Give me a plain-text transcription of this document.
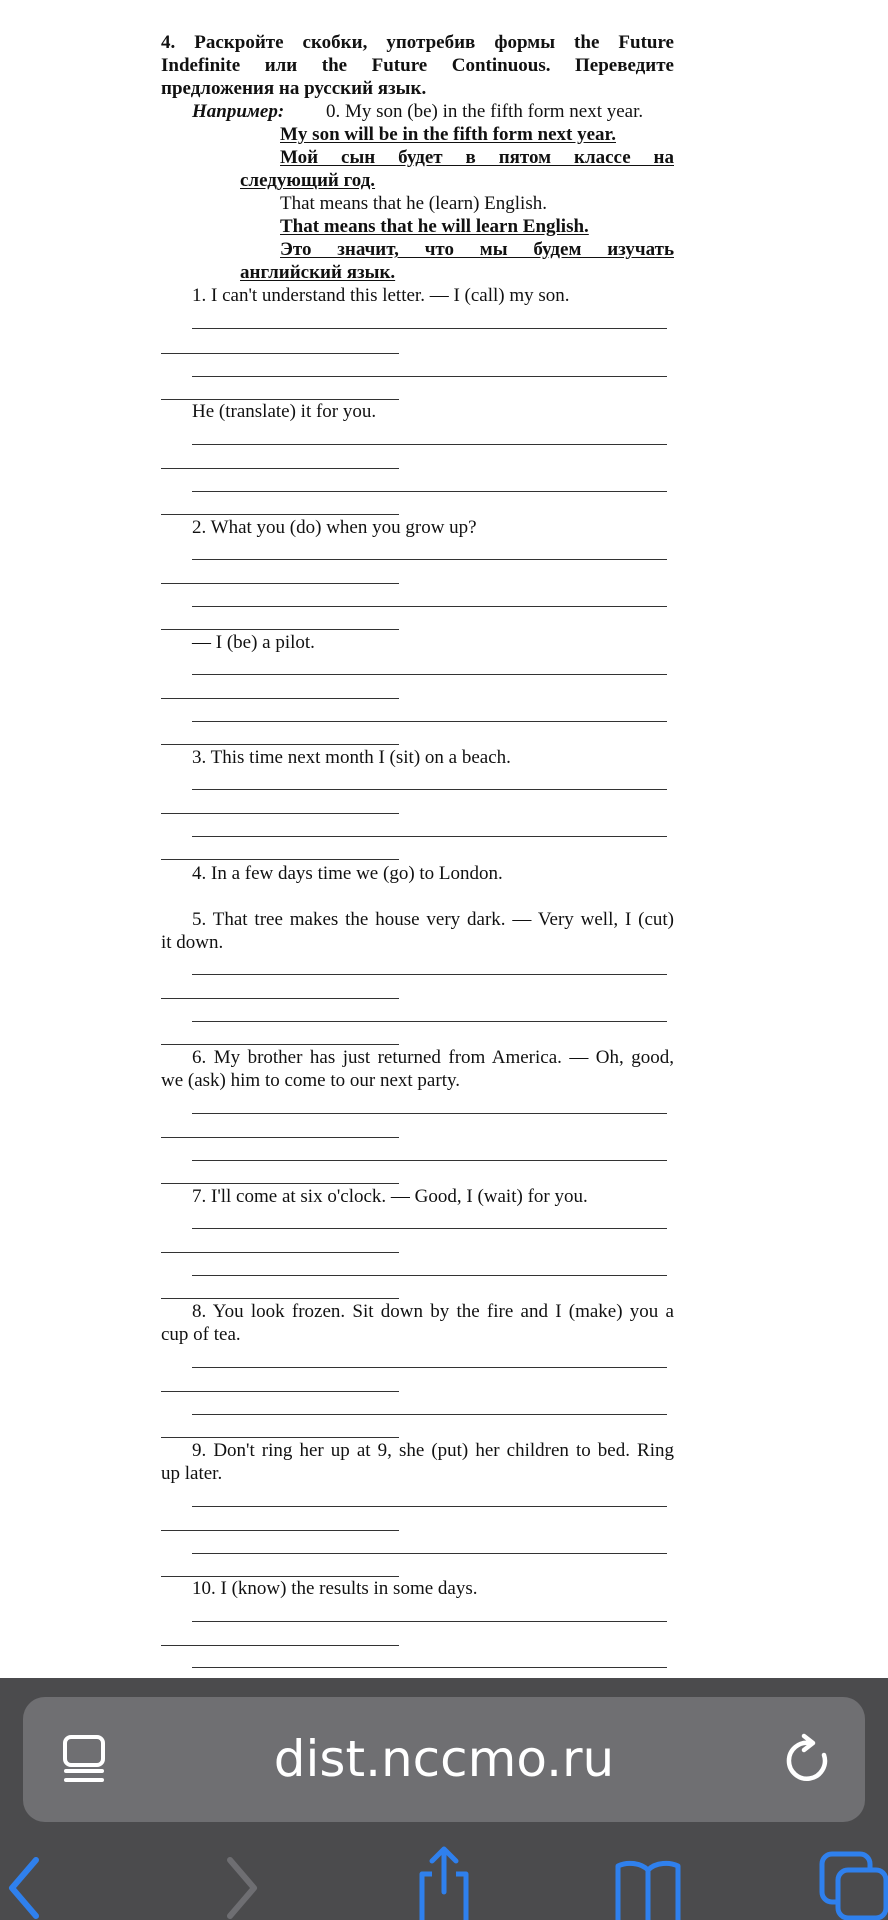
4. Раскройте скобки, употребив формы the Future
Indefinite или the Future Continuous. Переведите
предложения на русский язык.
Например: 0. My son (be) in the fifth form next year.
My son will be in the fifth form next year.
Мой сын будет в пятом классе на
следующий год.
That means that he (learn) English.
That means that he will learn English.
Это значит, что мы будем изучать
английский язык.
1. I can't understand this letter. — I (call) my son.
He (translate) it for you.
2. What you (do) when you grow up?
— I (be) a pilot.
3. This time next month I (sit) on a beach.
4. In a few days time we (go) to London.
5. That tree makes the house very dark. — Very well, I (cut)
it down.
6. My brother has just returned from America. — Oh, good,
we (ask) him to come to our next party.
7. I'll come at six o'clock. — Good, I (wait) for you.
8. You look frozen. Sit down by the fire and I (make) you a
cup of tea.
9. Don't ring her up at 9, she (put) her children to bed. Ring
up later.
10. I (know) the results in some days.
dist.nccmo.ru
